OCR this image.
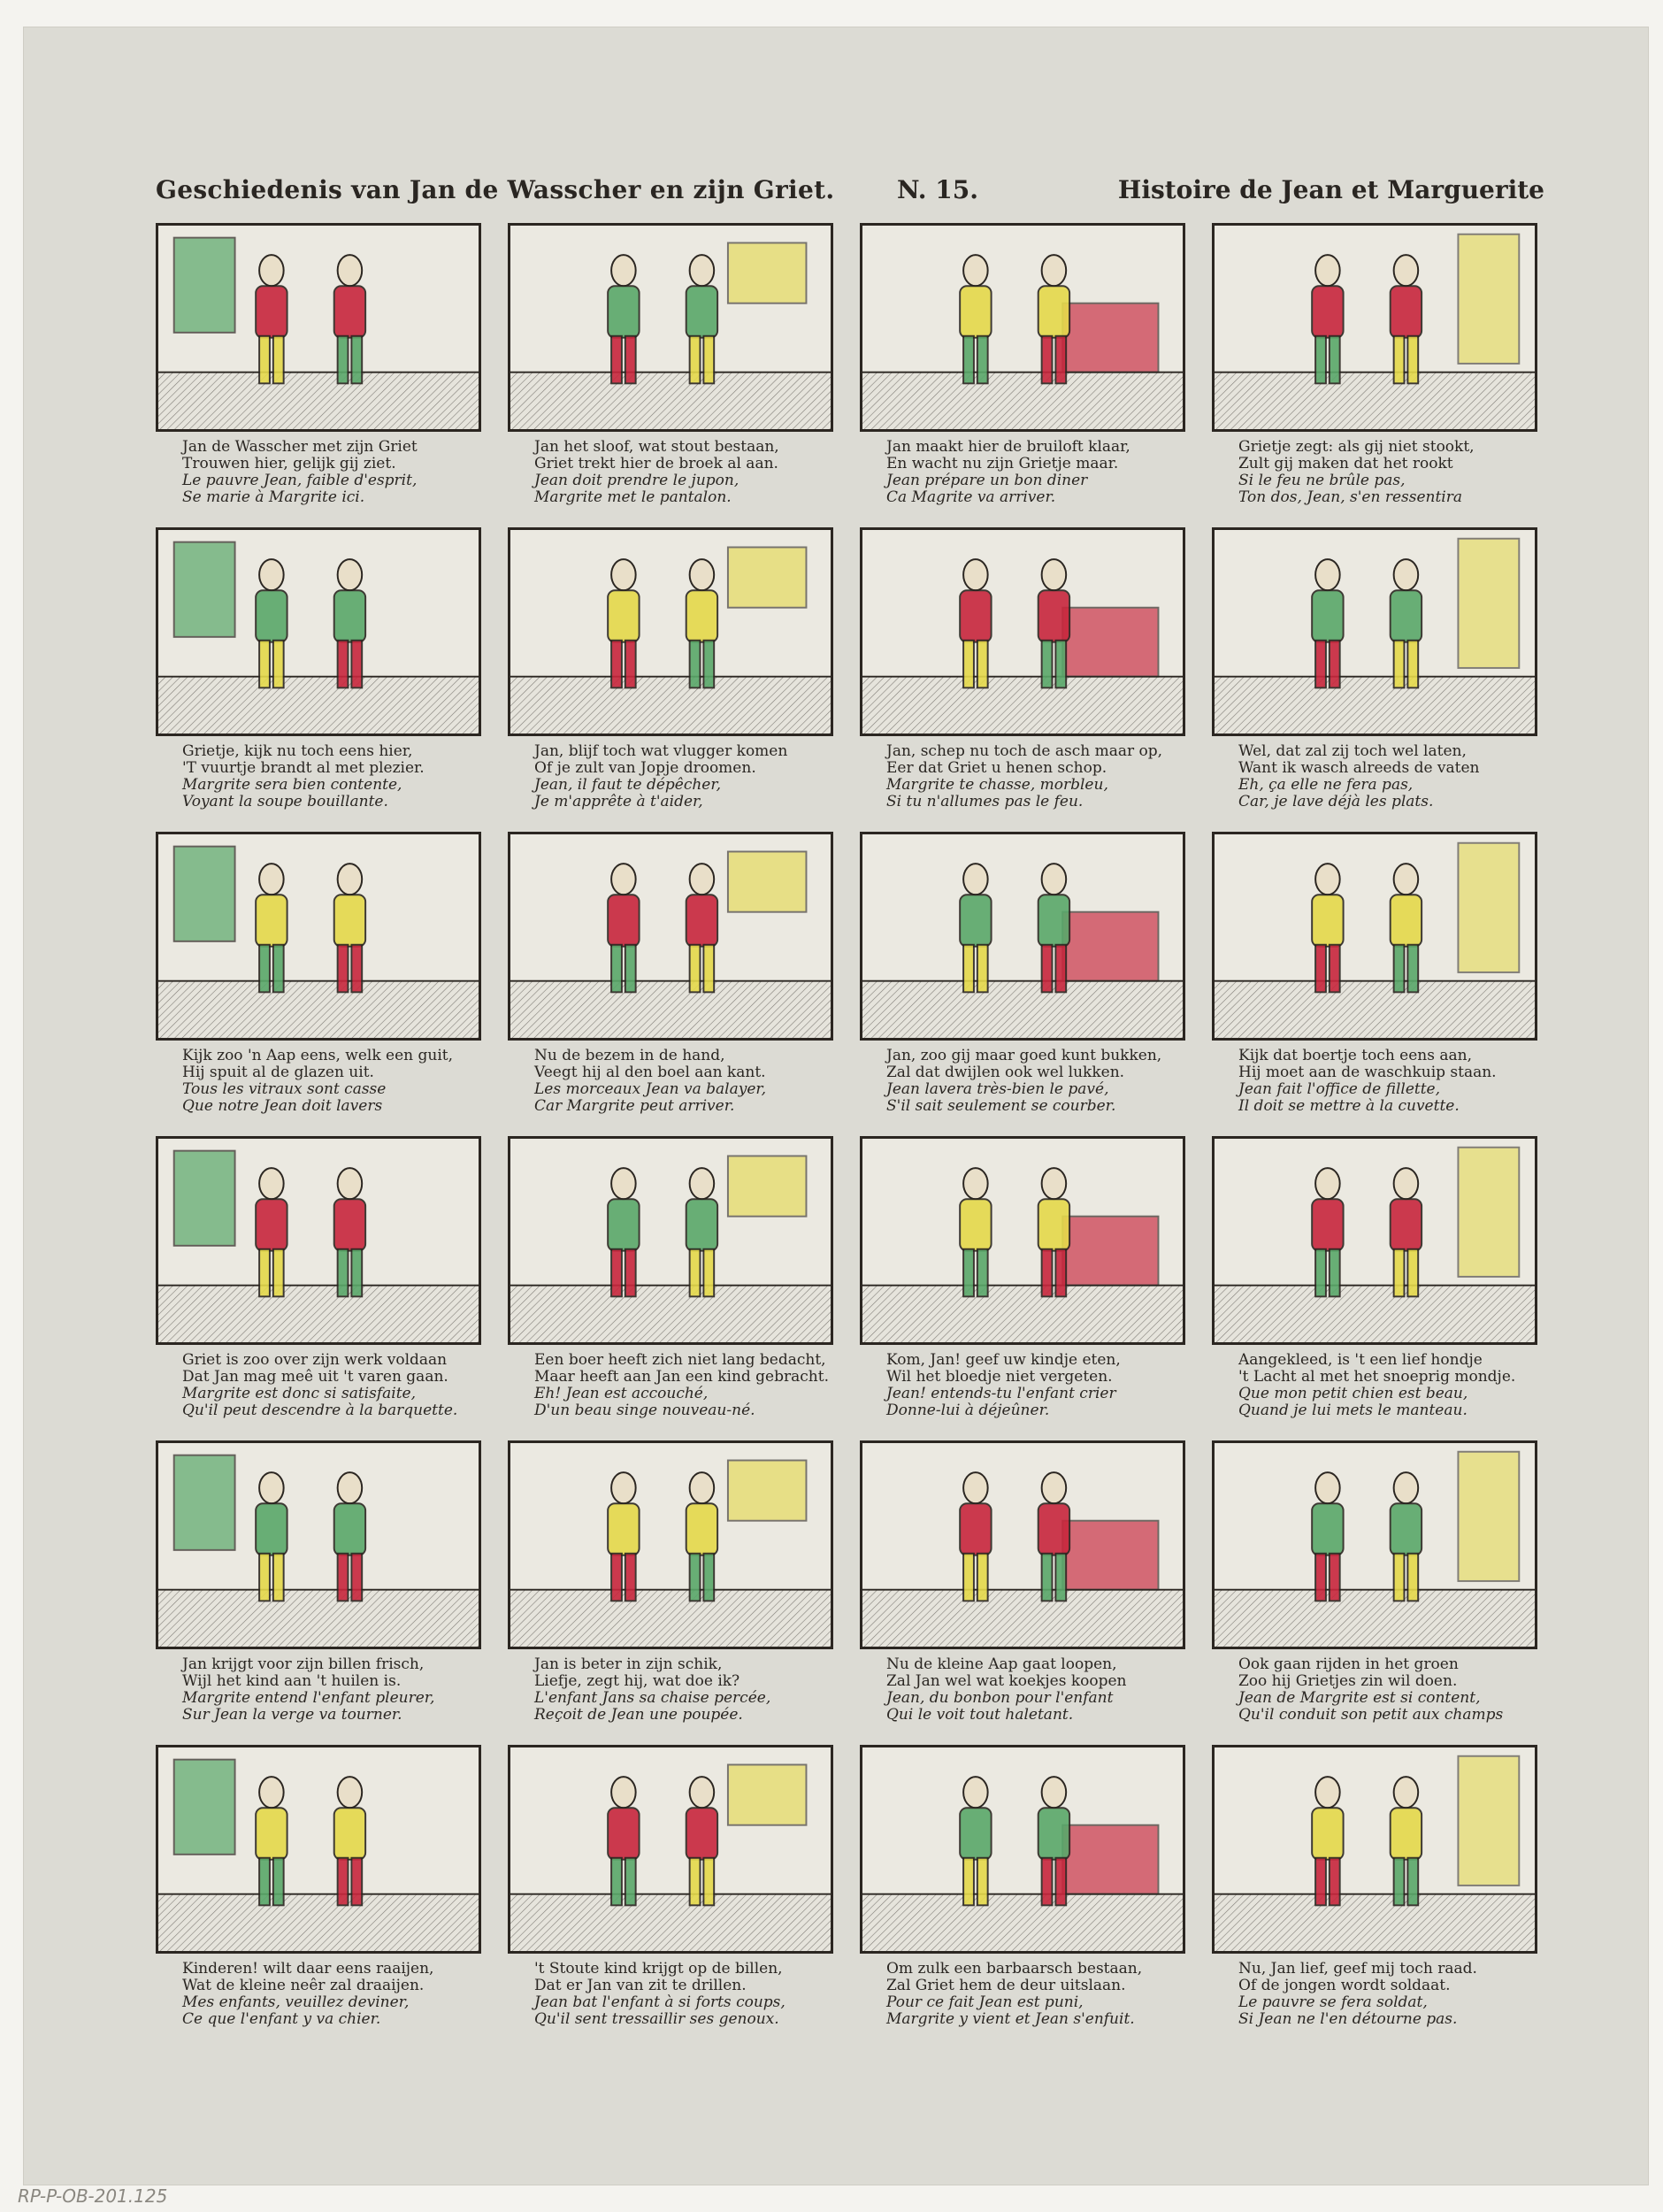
Geschiedenis van Jan de Wasscher en zijn Griet.	N. 15.	Histoire de Jean et Marguerite
Jan de Wasscher met zijn Griet
Trouwen hier, gelijk gij ziet.
Le pauvre Jean, faible d'esprit,
Se marie à Margrite ici.
Jan het sloof, wat stout bestaan,
Griet trekt hier de broek al aan.
Jean doit prendre le jupon,
Margrite met le pantalon.
Jan maakt hier de bruiloft klaar,
En wacht nu zijn Grietje maar.
Jean prépare un bon diner
Ca Magrite va arriver.
Grietje zegt: als gij niet stookt,
Zult gij maken dat het rookt
Si le feu ne brûle pas,
Ton dos, Jean, s'en ressentira
Grietje, kijk nu toch eens hier,
'T vuurtje brandt al met plezier.
Margrite sera bien contente,
Voyant la soupe bouillante.
Jan, blijf toch wat vlugger komen
Of je zult van Jopje droomen.
Jean, il faut te dépêcher,
Je m'apprête à t'aider,
Jan, schep nu toch de asch maar op,
Eer dat Griet u henen schop.
Margrite te chasse, morbleu,
Si tu n'allumes pas le feu.
Wel, dat zal zij toch wel laten,
Want ik wasch alreeds de vaten
Eh, ça elle ne fera pas,
Car, je lave déjà les plats.
Kijk zoo 'n Aap eens, welk een guit,
Hij spuit al de glazen uit.
Tous les vitraux sont casse
Que notre Jean doit lavers
Nu de bezem in de hand,
Veegt hij al den boel aan kant.
Les morceaux Jean va balayer,
Car Margrite peut arriver.
Jan, zoo gij maar goed kunt bukken,
Zal dat dwijlen ook wel lukken.
Jean lavera très-bien le pavé,
S'il sait seulement se courber.
Kijk dat boertje toch eens aan,
Hij moet aan de waschkuip staan.
Jean fait l'office de fillette,
Il doit se mettre à la cuvette.
Griet is zoo over zijn werk voldaan
Dat Jan mag meê uit 't varen gaan.
Margrite est donc si satisfaite,
Qu'il peut descendre à la barquette.
Een boer heeft zich niet lang bedacht,
Maar heeft aan Jan een kind gebracht.
Eh! Jean est accouché,
D'un beau singe nouveau-né.
Kom, Jan! geef uw kindje eten,
Wil het bloedje niet vergeten.
Jean! entends-tu l'enfant crier
Donne-lui à déjeûner.
Aangekleed, is 't een lief hondje
't Lacht al met het snoeprig mondje.
Que mon petit chien est beau,
Quand je lui mets le manteau.
Jan krijgt voor zijn billen frisch,
Wijl het kind aan 't huilen is.
Margrite entend l'enfant pleurer,
Sur Jean la verge va tourner.
Jan is beter in zijn schik,
Liefje, zegt hij, wat doe ik?
L'enfant Jans sa chaise percée,
Reçoit de Jean une poupée.
Nu de kleine Aap gaat loopen,
Zal Jan wel wat koekjes koopen
Jean, du bonbon pour l'enfant
Qui le voit tout haletant.
Ook gaan rijden in het groen
Zoo hij Grietjes zin wil doen.
Jean de Margrite est si content,
Qu'il conduit son petit aux champs
Kinderen! wilt daar eens raaijen,
Wat de kleine neêr zal draaijen.
Mes enfants, veuillez deviner,
Ce que l'enfant y va chier.
't Stoute kind krijgt op de billen,
Dat er Jan van zit te drillen.
Jean bat l'enfant à si forts coups,
Qu'il sent tressaillir ses genoux.
Om zulk een barbaarsch bestaan,
Zal Griet hem de deur uitslaan.
Pour ce fait Jean est puni,
Margrite y vient et Jean s'enfuit.
Nu, Jan lief, geef mij toch raad.
Of de jongen wordt soldaat.
Le pauvre se fera soldat,
Si Jean ne l'en détourne pas.
RP-P-OB-201.125
